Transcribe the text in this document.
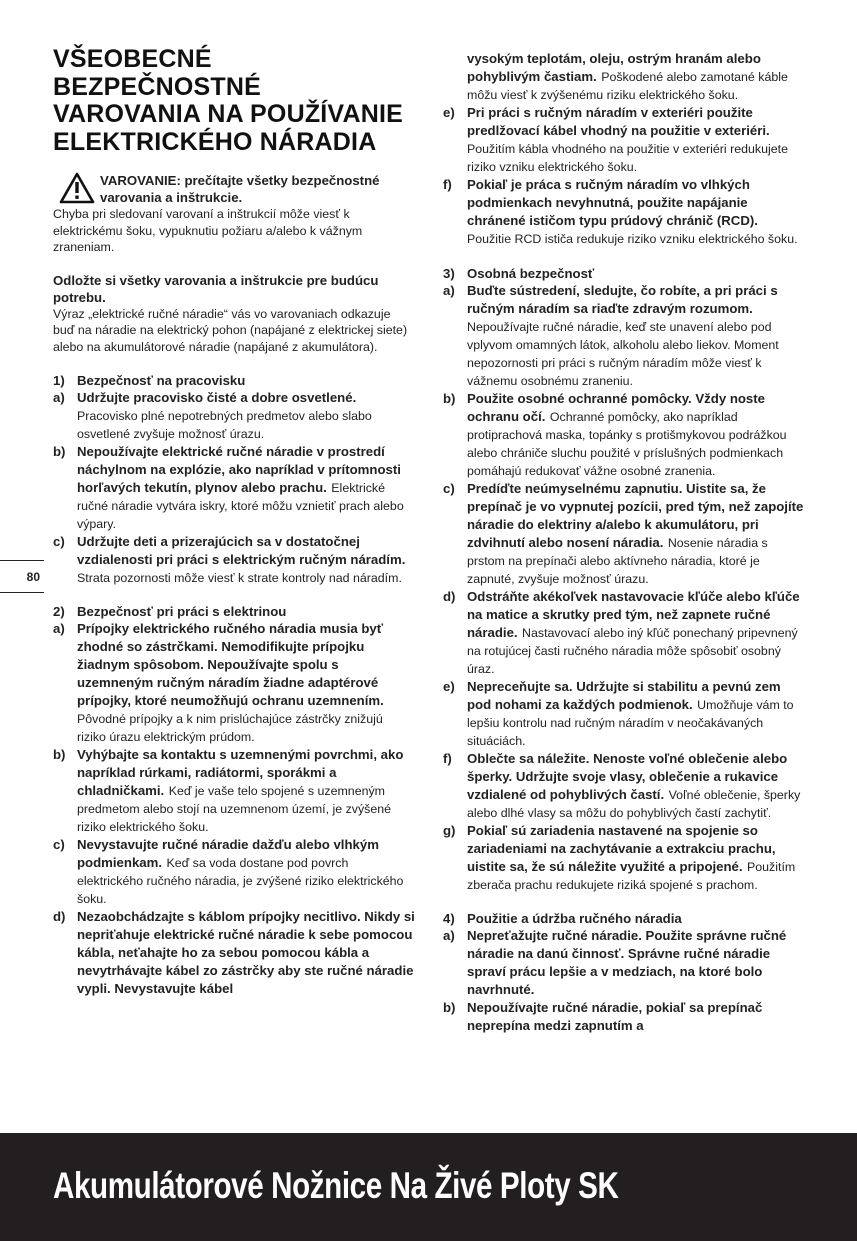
VŠEOBECNÉ BEZPEČNOSTNÉ VAROVANIA NA POUŽÍVANIE ELEKTRICKÉHO NÁRADIA

VAROVANIE: prečítajte všetky bezpečnostné varovania a inštrukcie.

Chyba pri sledovaní varovaní a inštrukcií môže viesť k elektrickému šoku, vypuknutiu požiaru a/alebo k vážnym zraneniam.

Odložte si všetky varovania a inštrukcie pre budúcu potrebu.

Výraz „elektrické ručné náradie“ vás vo varovaniach odkazuje buď na náradie na elektrický pohon (napájané z elektrickej siete) alebo na akumulátorové náradie (napájané z akumulátora).

1) Bezpečnosť na pracovisku
a) Udržujte pracovisko čisté a dobre osvetlené. Pracovisko plné nepotrebných predmetov alebo slabo osvetlené zvyšuje možnosť úrazu.
b) Nepoužívajte elektrické ručné náradie v prostredí náchylnom na explózie, ako napríklad v prítomnosti horľavých tekutín, plynov alebo prachu. Elektrické ručné náradie vytvára iskry, ktoré môžu vznietiť prach alebo výpary.
c) Udržujte deti a prizerajúcich sa v dostatočnej vzdialenosti pri práci s elektrickým ručným náradím. Strata pozornosti môže viesť k strate kontroly nad náradím.
2) Bezpečnosť pri práci s elektrinou
a) Prípojky elektrického ručného náradia musia byť zhodné so zástrčkami. Nemodifikujte prípojku žiadnym spôsobom. Nepoužívajte spolu s uzemneným ručným náradím žiadne adaptérové prípojky, ktoré neumožňujú ochranu uzemnením. Pôvodné prípojky a k nim prislúchajúce zástrčky znižujú riziko úrazu elektrickým prúdom.
b) Vyhýbajte sa kontaktu s uzemnenými povrchmi, ako napríklad rúrkami, radiátormi, sporákmi a chladničkami. Keď je vaše telo spojené s uzemneným predmetom alebo stojí na uzemnenom území, je zvýšené riziko elektrického šoku.
c) Nevystavujte ručné náradie dažďu alebo vlhkým podmienkam. Keď sa voda dostane pod povrch elektrického ručného náradia, je zvýšené riziko elektrického šoku.
d) Nezaobchádzajte s káblom prípojky necitlivo. Nikdy si nepriťahuje elektrické ručné náradie k sebe pomocou kábla, neťahajte ho za sebou pomocou kábla a nevytrhávajte kábel zo zástrčky aby ste ručné náradie vypli. Nevystavujte kábel
vysokým teplotám, oleju, ostrým hranám alebo pohyblivým častiam. Poškodené alebo zamotané káble môžu viesť k zvýšenému riziku elektrického šoku.
e) Pri práci s ručným náradím v exteriéri použite predlžovací kábel vhodný na použitie v exteriéri. Použitím kábla vhodného na použitie v exteriéri redukujete riziko vzniku elektrického šoku.
f) Pokiaľ je práca s ručným náradím vo vlhkých podmienkach nevyhnutná, použite napájanie chránené ističom typu prúdový chránič (RCD). Použitie RCD ističa redukuje riziko vzniku elektrického šoku.
3) Osobná bezpečnosť
a) Buďte sústredení, sledujte, čo robíte, a pri práci s ručným náradím sa riaďte zdravým rozumom. Nepoužívajte ručné náradie, keď ste unavení alebo pod vplyvom omamných látok, alkoholu alebo liekov. Moment nepozornosti pri práci s ručným náradím môže viesť k vážnemu osobnému zraneniu.
b) Použite osobné ochranné pomôcky. Vždy noste ochranu očí. Ochranné pomôcky, ako napríklad protiprachová maska, topánky s protišmykovou podrážkou alebo chrániče sluchu použité v príslušných podmienkach pomáhajú redukovať vážne osobné zranenia.
c) Predíďte neúmyselnému zapnutiu. Uistite sa, že prepínač je vo vypnutej pozícii, pred tým, než zapojíte náradie do elektriny a/alebo k akumulátoru, pri zdvihnutí alebo nosení náradia. Nosenie náradia s prstom na prepínači alebo aktívneho náradia, ktoré je zapnuté, zvyšuje možnosť úrazu.
d) Odstráňte akékoľvek nastavovacie kľúče alebo kľúče na matice a skrutky pred tým, než zapnete ručné náradie. Nastavovací alebo iný kľúč ponechaný pripevnený na rotujúcej časti ručného náradia môže spôsobiť osobný úraz.
e) Nepreceňujte sa. Udržujte si stabilitu a pevnú zem pod nohami za každých podmienok. Umožňuje vám to lepšiu kontrolu nad ručným náradím v neočakávaných situáciách.
f) Oblečte sa náležite. Nenoste voľné oblečenie alebo šperky. Udržujte svoje vlasy, oblečenie a rukavice vzdialené od pohyblivých častí. Voľné oblečenie, šperky alebo dlhé vlasy sa môžu do pohyblivých častí zachytiť.
g) Pokiaľ sú zariadenia nastavené na spojenie so zariadeniami na zachytávanie a extrakciu prachu, uistite sa, že sú náležite využité a pripojené. Použitím zberača prachu redukujete riziká spojené s prachom.
4) Použitie a údržba ručného náradia
a) Nepreťažujte ručné náradie. Použite správne ručné náradie na danú činnosť. Správne ručné náradie spraví prácu lepšie a v medziach, na ktoré bolo navrhnuté.
b) Nepoužívajte ručné náradie, pokiaľ sa prepínač neprepína medzi zapnutím a
80
Akumulátorové Nožnice Na Živé Ploty SK
